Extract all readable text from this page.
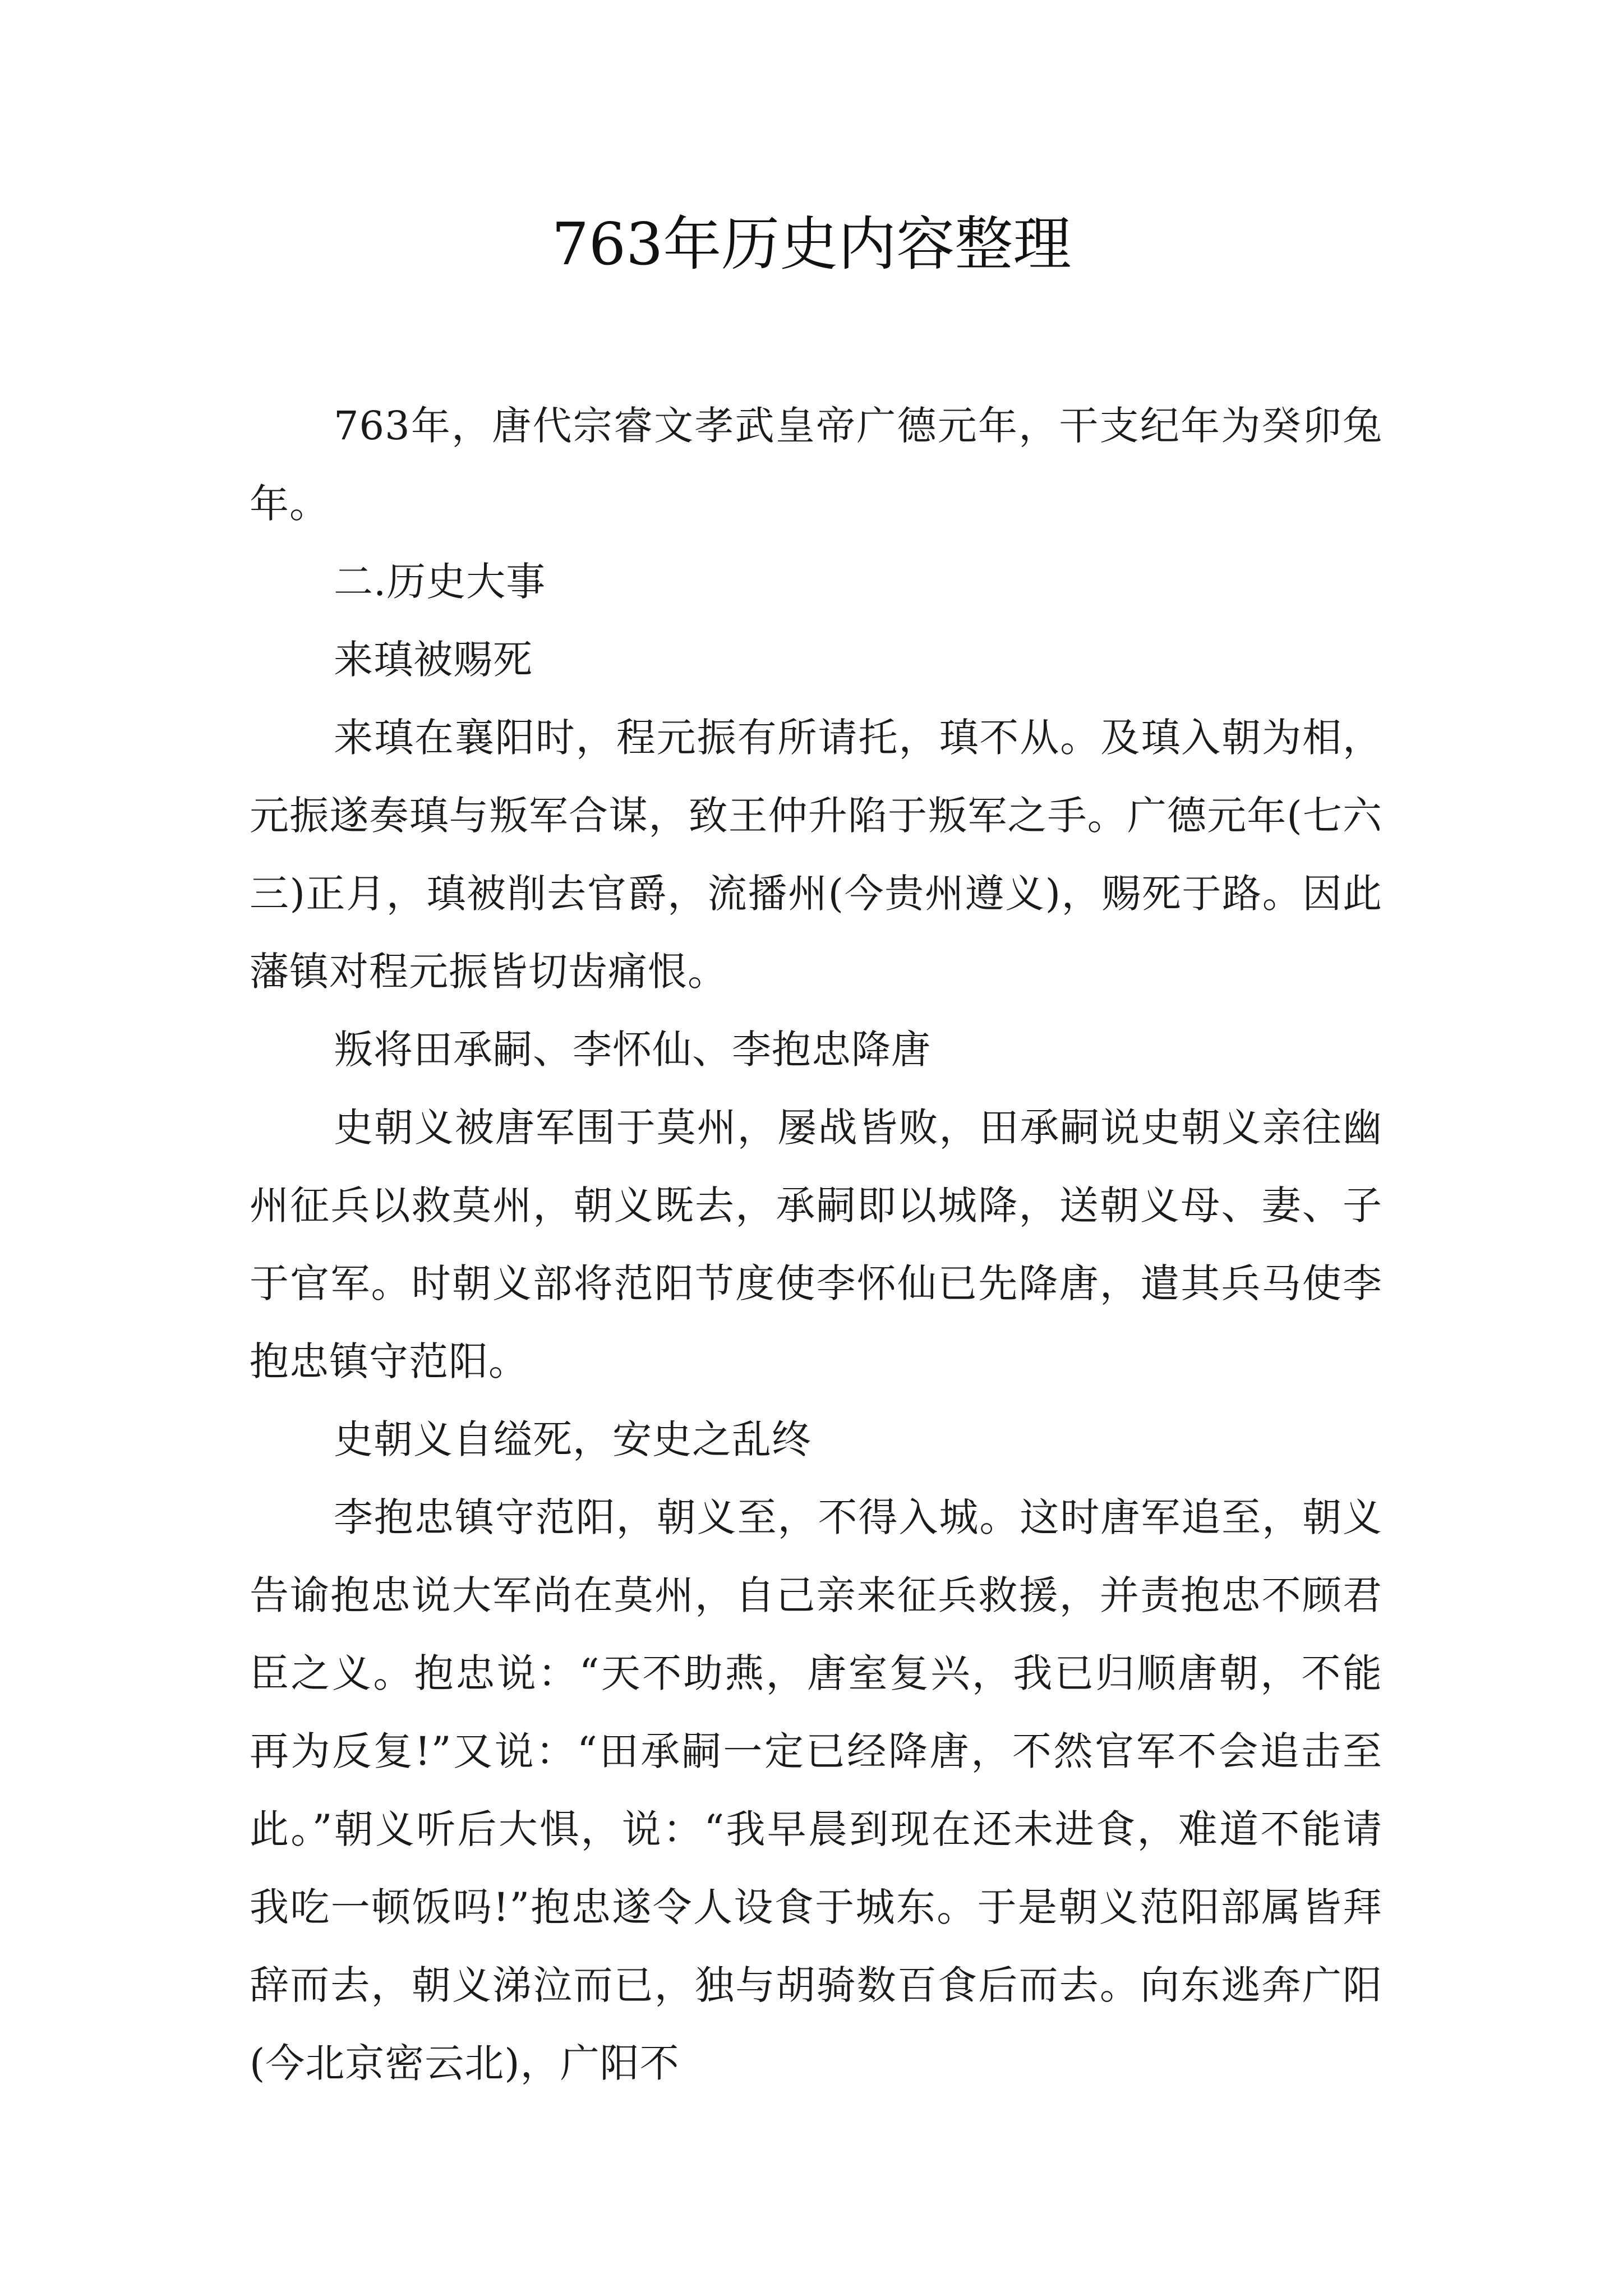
763年历史内容整理

763年，唐代宗睿文孝武皇帝广德元年，干支纪年为癸卯兔年。

二.历史大事

来瑱被赐死

来瑱在襄阳时，程元振有所请托，瑱不从。及瑱入朝为相，元振遂奏瑱与叛军合谋，致王仲升陷于叛军之手。广德元年(七六三)正月，瑱被削去官爵，流播州(今贵州遵义)，赐死于路。因此藩镇对程元振皆切齿痛恨。

叛将田承嗣、李怀仙、李抱忠降唐

史朝义被唐军围于莫州，屡战皆败，田承嗣说史朝义亲往幽州征兵以救莫州，朝义既去，承嗣即以城降，送朝义母、妻、子于官军。时朝义部将范阳节度使李怀仙已先降唐，遣其兵马使李抱忠镇守范阳。

史朝义自缢死，安史之乱终

李抱忠镇守范阳，朝义至，不得入城。这时唐军追至，朝义告谕抱忠说大军尚在莫州，自己亲来征兵救援，并责抱忠不顾君臣之义。抱忠说：“天不助燕，唐室复兴，我已归顺唐朝，不能再为反复!”又说：“田承嗣一定已经降唐，不然官军不会追击至此。”朝义听后大惧，说：“我早晨到现在还未进食，难道不能请我吃一顿饭吗!”抱忠遂令人设食于城东。于是朝义范阳部属皆拜辞而去，朝义涕泣而已，独与胡骑数百食后而去。向东逃奔广阳(今北京密云北)，广阳不
